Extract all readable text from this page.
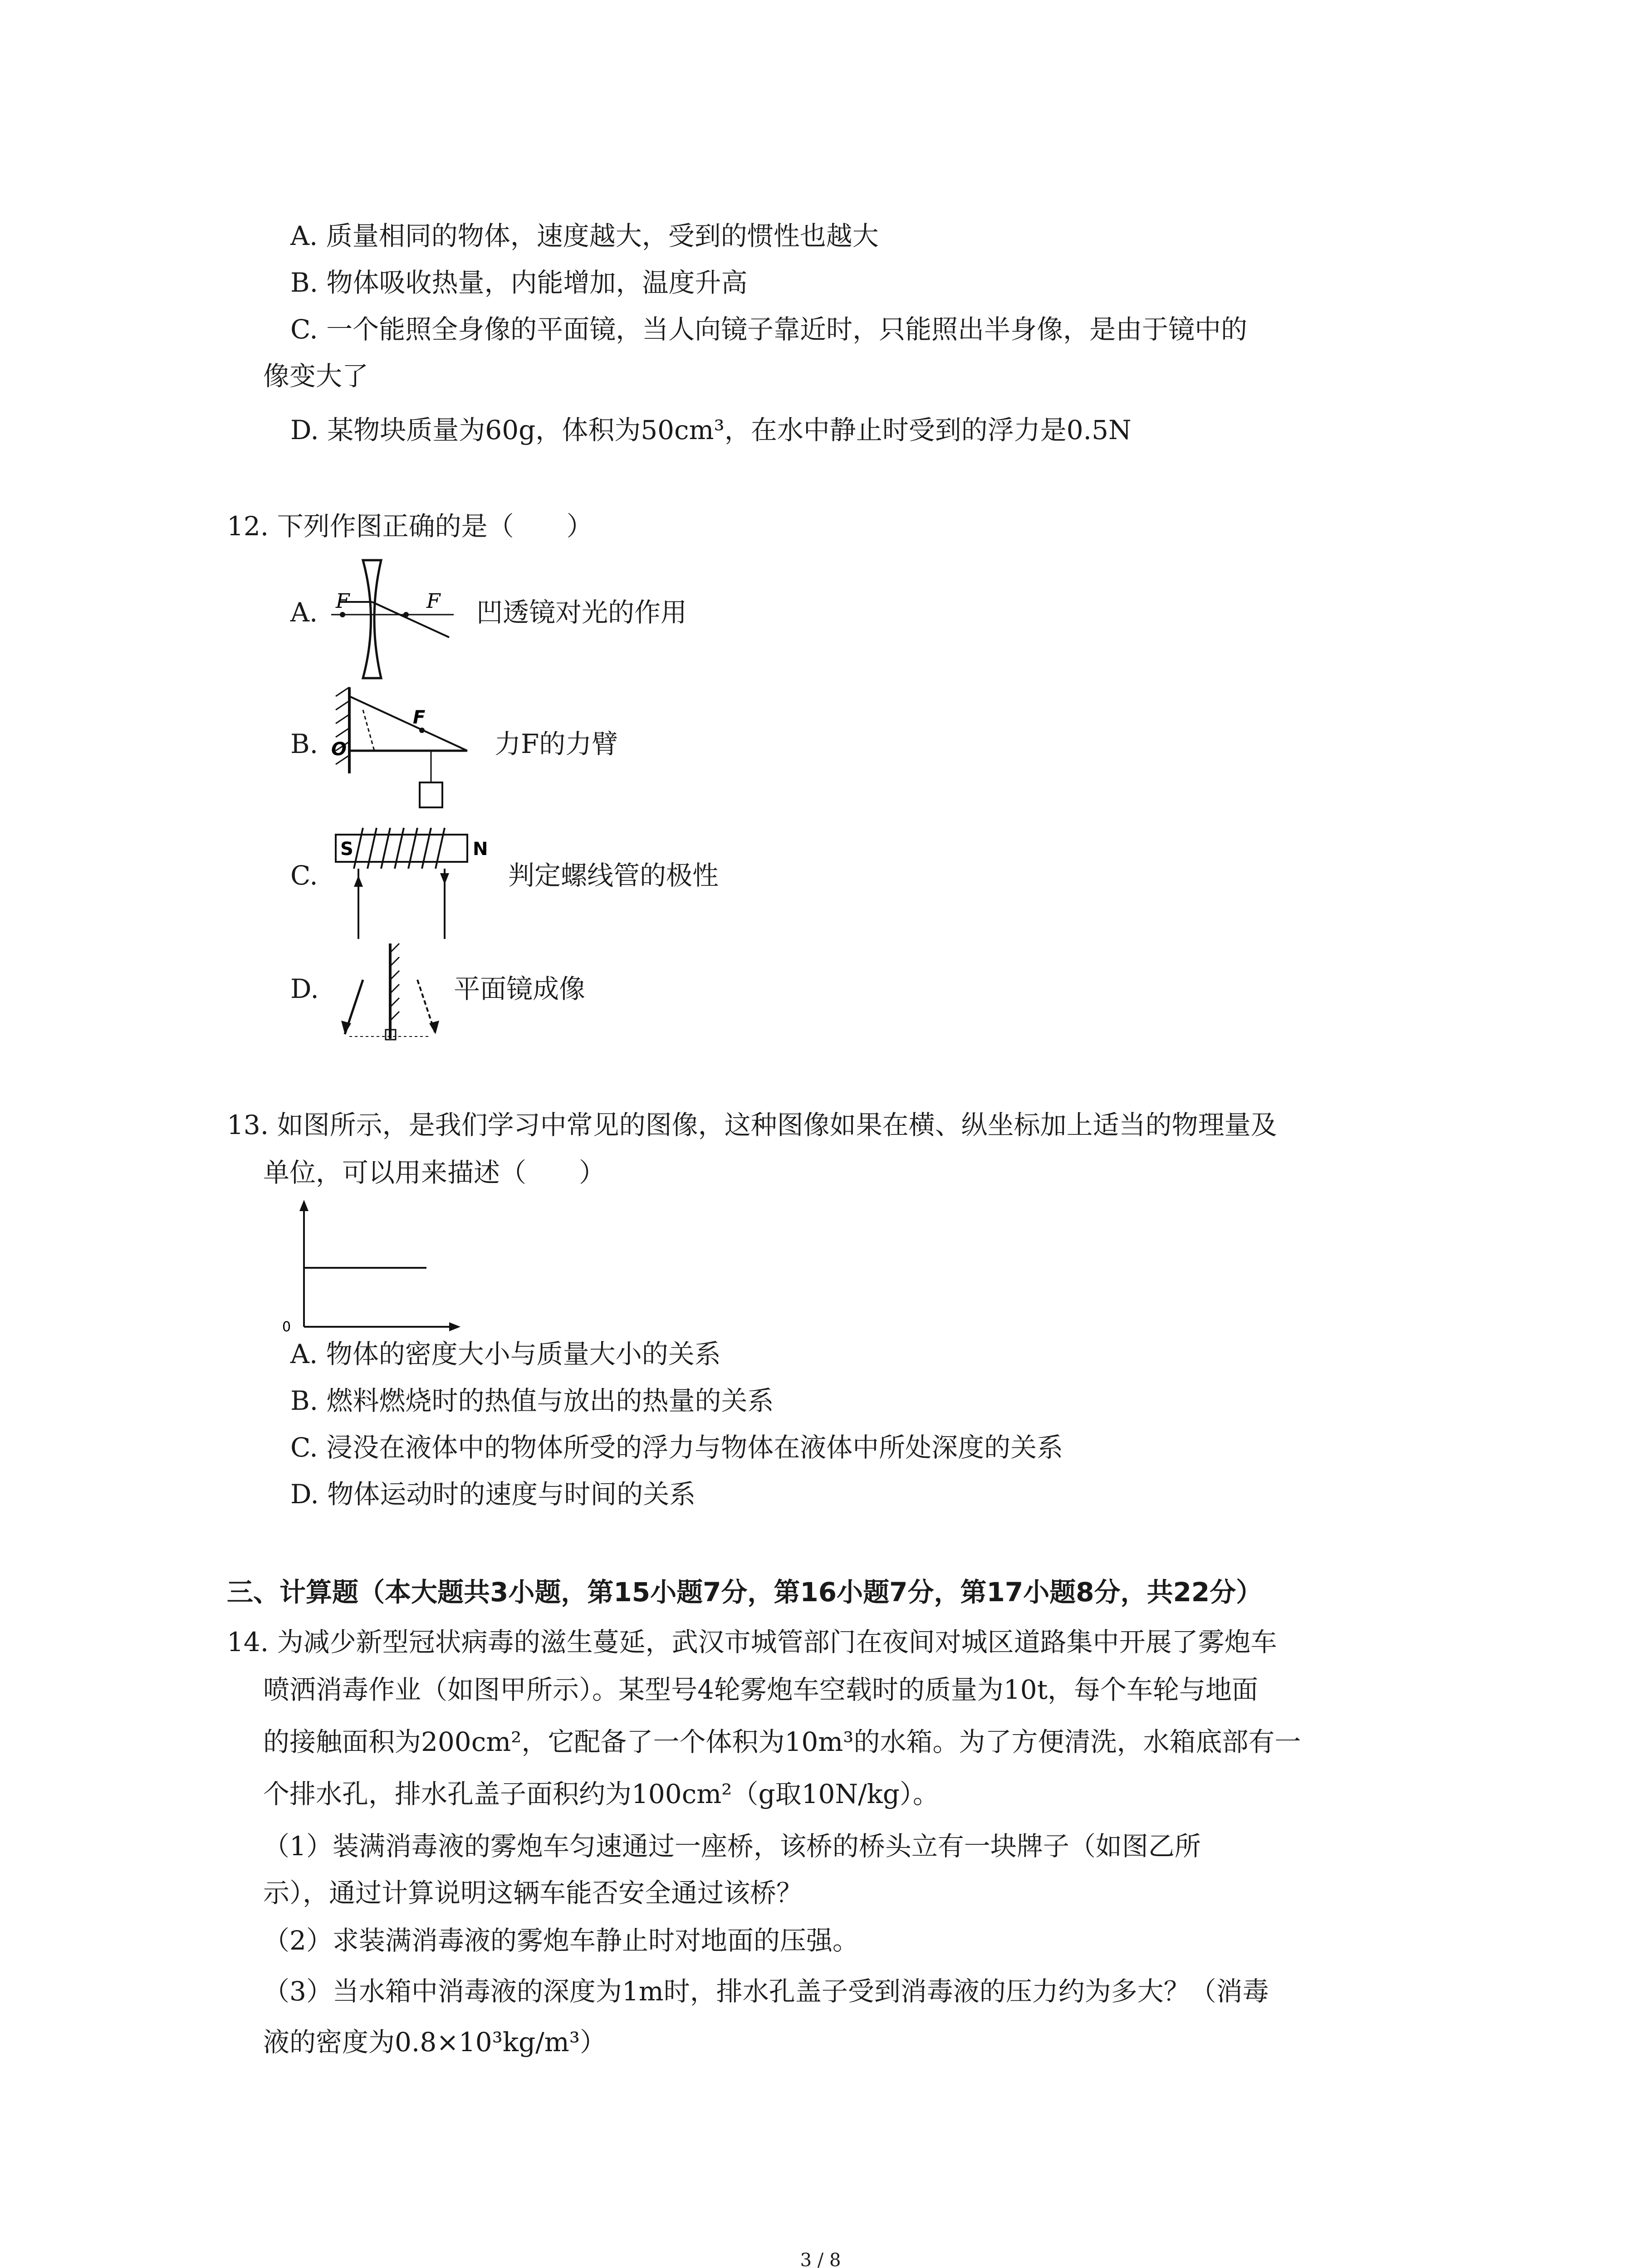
A. 质量相同的物体，速度越大，受到的惯性也越大
B. 物体吸收热量，内能增加，温度升高
C. 一个能照全身像的平面镜，当人向镜子靠近时，只能照出半身像，是由于镜中的
像变大了
D. 某物块质量为60g，体积为50cm³，在水中静止时受到的浮力是0.5N
12. 下列作图正确的是（　　）
A. F	F 凹透镜对光的作用
B.
F
O	力F的力臂
C.
S	N
判定螺线管的极性
D.	平面镜成像
13. 如图所示，是我们学习中常见的图像，这种图像如果在横、纵坐标加上适当的物理量及
单位，可以用来描述（　　）
0
A. 物体的密度大小与质量大小的关系
B. 燃料燃烧时的热值与放出的热量的关系
C. 浸没在液体中的物体所受的浮力与物体在液体中所处深度的关系
D. 物体运动时的速度与时间的关系
三、计算题（本大题共3小题，第15小题7分，第16小题7分，第17小题8分，共22分）
14. 为减少新型冠状病毒的滋生蔓延，武汉市城管部门在夜间对城区道路集中开展了雾炮车
喷洒消毒作业（如图甲所示）。某型号4轮雾炮车空载时的质量为10t，每个车轮与地面
的接触面积为200cm²，它配备了一个体积为10m³的水箱。为了方便清洗，水箱底部有一
个排水孔，排水孔盖子面积约为100cm²（g取10N/kg）。
（1）装满消毒液的雾炮车匀速通过一座桥，该桥的桥头立有一块牌子（如图乙所
示），通过计算说明这辆车能否安全通过该桥？
（2）求装满消毒液的雾炮车静止时对地面的压强。
（3）当水箱中消毒液的深度为1m时，排水孔盖子受到消毒液的压力约为多大？（消毒
液的密度为0.8×10³kg/m³）
3 / 8
